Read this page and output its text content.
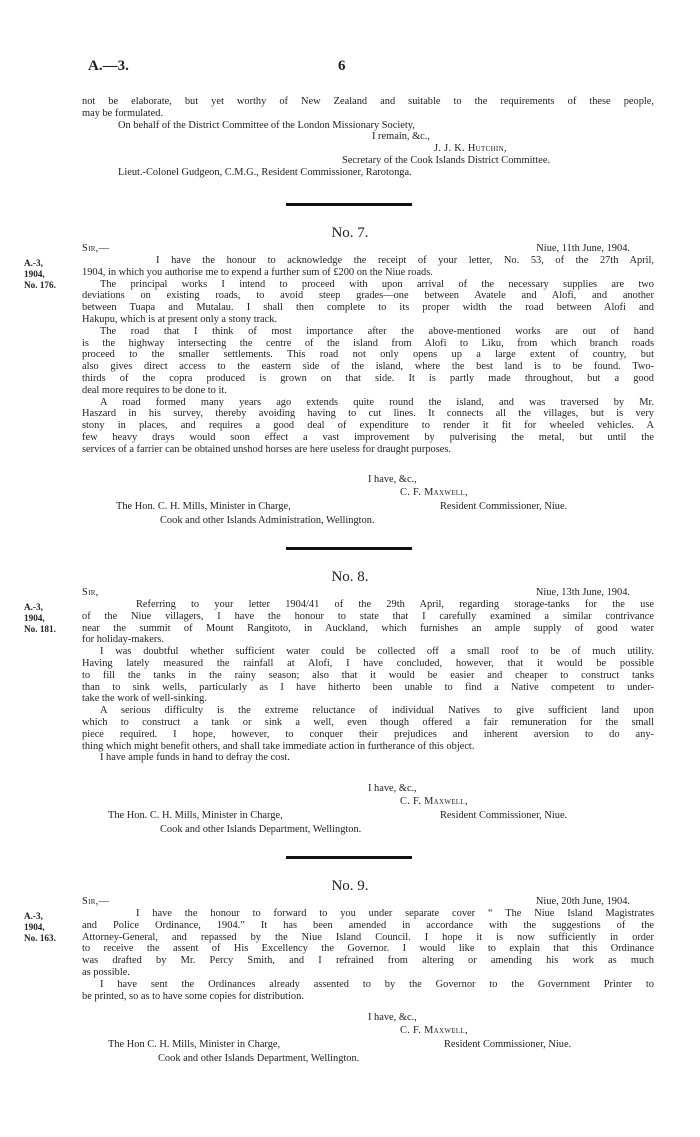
A.—3.	6
not be elaborate, but yet worthy of New Zealand and suitable to the requirements of these people,
may be formulated.
On behalf of the District Committee of the London Missionary Society,
I remain, &c.,
J. J. K. Hutchin,
Secretary of the Cook Islands District Committee.
Lieut.-Colonel Gudgeon, C.M.G., Resident Commissioner, Rarotonga.
No. 7.
Sir,—	Niue, 11th June, 1904.
A.-3,
1904,
No. 176.
I have the honour to acknowledge the receipt of your letter, No. 53, of the 27th April,
1904, in which you authorise me to expend a further sum of £200 on the Niue roads.
The principal works I intend to proceed with upon arrival of the necessary supplies are two
deviations on existing roads, to avoid steep grades—one between Avatele and Alofi, and another
between Tuapa and Mutalau. I shall then complete to its proper width the road between Alofi and
Hakupu, which is at present only a stony track.
The road that I think of most importance after the above-mentioned works are out of hand
is the highway intersecting the centre of the island from Alofi to Liku, from which branch roads
proceed to the smaller settlements. This road not only opens up a large extent of country, but
also gives direct access to the eastern side of the island, where the best land is to be found. Two-
thirds of the copra produced is grown on that side. It is partly made throughout, but a good
deal more requires to be done to it.
A road formed many years ago extends quite round the island, and was traversed by Mr.
Haszard in his survey, thereby avoiding having to cut lines. It connects all the villages, but is very
stony in places, and requires a good deal of expenditure to render it fit for wheeled vehicles. A
few heavy drays would soon effect a vast improvement by pulverising the metal, but until the
services of a farrier can be obtained unshod horses are here useless for draught purposes.
I have, &c.,
C. F. Maxwell,
The Hon. C. H. Mills, Minister in Charge,	Resident Commissioner, Niue.
Cook and other Islands Administration, Wellington.
No. 8.
Sir,	Niue, 13th June, 1904.
A.-3,
1904,
No. 181.
Referring to your letter 1904/41 of the 29th April, regarding storage-tanks for the use
of the Niue villagers, I have the honour to state that I carefully examined a similar contrivance
near the summit of Mount Rangitoto, in Auckland, which furnishes an ample supply of good water
for holiday-makers.
I was doubtful whether sufficient water could be collected off a small roof to be of much utility.
Having lately measured the rainfall at Alofi, I have concluded, however, that it would be possible
to fill the tanks in the rainy season; also that it would be easier and cheaper to construct tanks
than to sink wells, particularly as I have hitherto been unable to find a Native competent to under-
take the work of well-sinking.
A serious difficulty is the extreme reluctance of individual Natives to give sufficient land upon
which to construct a tank or sink a well, even though offered a fair remuneration for the small
piece required. I hope, however, to conquer their prejudices and inherent aversion to do any-
thing which might benefit others, and shall take immediate action in furtherance of this object.
I have ample funds in hand to defray the cost.
I have, &c.,
C. F. Maxwell,
The Hon. C. H. Mills, Minister in Charge,	Resident Commissioner, Niue.
Cook and other Islands Department, Wellington.
No. 9.
Sir,—	Niue, 20th June, 1904.
A.-3,
1904,
No. 163.
I have the honour to forward to you under separate cover “ The Niue Island Magistrates
and Police Ordinance, 1904.” It has been amended in accordance with the suggestions of the
Attorney-General, and repassed by the Niue Island Council. I hope it is now sufficiently in order
to receive the assent of His Excellency the Governor. I would like to explain that this Ordinance
was drafted by Mr. Percy Smith, and I refrained from altering or amending his work as much
as possible.
I have sent the Ordinances already assented to by the Governor to the Government Printer to
be printed, so as to have some copies for distribution.
I have, &c.,
C. F. Maxwell,
The Hon C. H. Mills, Minister in Charge,	Resident Commissioner, Niue.
Cook and other Islands Department, Wellington.
